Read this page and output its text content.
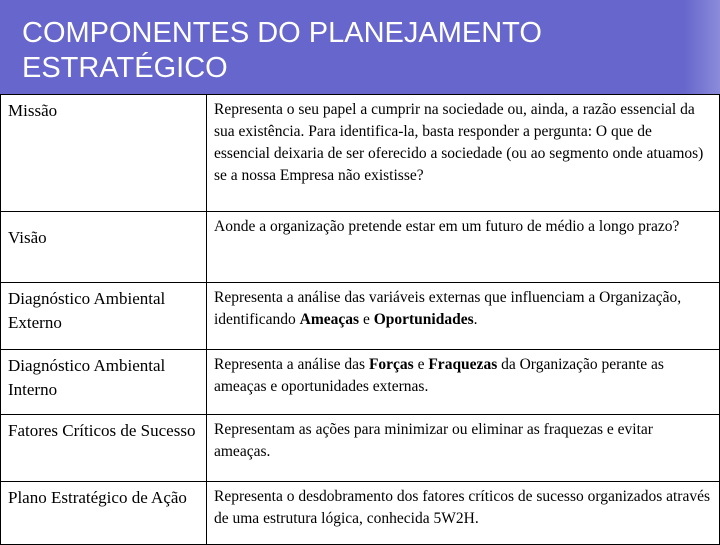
COMPONENTES DO PLANEJAMENTO ESTRATÉGICO
Missão	Representa o seu papel a cumprir na sociedade ou, ainda, a razão essencial da sua existência. Para identifica-la, basta responder a pergunta: O que de essencial deixaria de ser oferecido a sociedade (ou ao segmento onde atuamos) se a nossa Empresa não existisse?
Visão	Aonde a organização pretende estar em um futuro de médio a longo prazo?
Diagnóstico Ambiental Externo	Representa a análise das variáveis externas que influenciam a Organização, identificando Ameaças e Oportunidades.
Diagnóstico Ambiental Interno	Representa a análise das Forças e Fraquezas da Organização perante as ameaças e oportunidades externas.
Fatores Críticos de Sucesso	Representam as ações para minimizar ou eliminar as fraquezas e evitar ameaças.
Plano Estratégico de Ação	Representa o desdobramento dos fatores críticos de sucesso organizados através de uma estrutura lógica, conhecida 5W2H.
